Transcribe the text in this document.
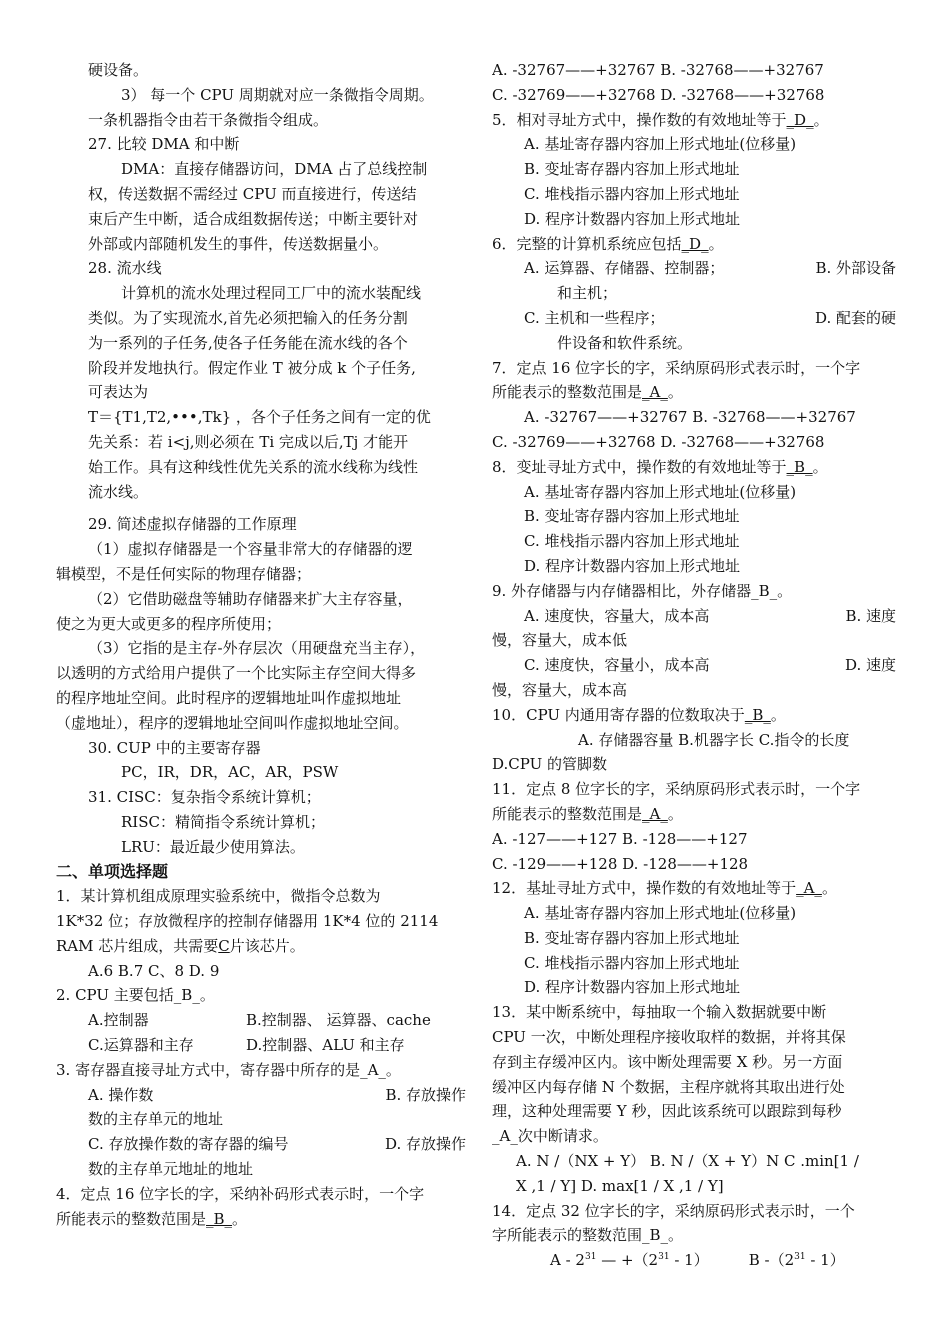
硬设备。
3） 每一个 CPU 周期就对应一条微指令周期。
一条机器指令由若干条微指令组成。
27. 比较 DMA 和中断
DMA：直接存储器访问，DMA 占了总线控制
权，传送数据不需经过 CPU 而直接进行，传送结
束后产生中断，适合成组数据传送；中断主要针对
外部或内部随机发生的事件，传送数据量小。
28. 流水线
计算机的流水处理过程同工厂中的流水装配线
类似。为了实现流水,首先必须把输入的任务分割
为一系列的子任务,使各子任务能在流水线的各个
阶段并发地执行。假定作业 T 被分成 k 个子任务,
可表达为
T＝{T1,T2,•••,Tk} ，各个子任务之间有一定的优
先关系：若 i<j,则必须在 Ti 完成以后,Tj 才能开
始工作。具有这种线性优先关系的流水线称为线性
流水线。
29. 简述虚拟存储器的工作原理
（1）虚拟存储器是一个容量非常大的存储器的逻
辑模型，不是任何实际的物理存储器；
（2）它借助磁盘等辅助存储器来扩大主存容量，
使之为更大或更多的程序所使用；
（3）它指的是主存-外存层次（用硬盘充当主存），
以透明的方式给用户提供了一个比实际主存空间大得多
的程序地址空间。此时程序的逻辑地址叫作虚拟地址
（虚地址），程序的逻辑地址空间叫作虚拟地址空间。
30. CUP 中的主要寄存器
PC，IR，DR，AC，AR，PSW
31. CISC：复杂指令系统计算机；
RISC：精简指令系统计算机；
LRU：最近最少使用算法。
二、单项选择题
1．某计算机组成原理实验系统中，微指令总数为
1K*32 位；存放微程序的控制存储器用 1K*4 位的 2114
RAM 芯片组成，共需要C片该芯片。
A.6 B.7 C、8 D. 9
2. CPU 主要包括_B_。
A.控制器	B.控制器、 运算器、cache
C.运算器和主存	D.控制器、ALU 和主存
3. 寄存器直接寻址方式中，寄存器中所存的是_A_。
A. 操作数	B. 存放操作
数的主存单元的地址
C. 存放操作数的寄存器的编号	D. 存放操作
数的主存单元地址的地址
4．定点 16 位字长的字，采纳补码形式表示时，一个字
所能表示的整数范围是_B_。
A. -32767——+32767 B. -32768——+32767
C. -32769——+32768 D. -32768——+32768
5．相对寻址方式中，操作数的有效地址等于_D_。
A. 基址寄存器内容加上形式地址(位移量)
B. 变址寄存器内容加上形式地址
C. 堆栈指示器内容加上形式地址
D. 程序计数器内容加上形式地址
6．完整的计算机系统应包括_D_。
A. 运算器、存储器、控制器；	B. 外部设备
和主机；
C. 主机和一些程序；	D. 配套的硬
件设备和软件系统。
7．定点 16 位字长的字，采纳原码形式表示时，一个字
所能表示的整数范围是_A_。
A. -32767——+32767 B. -32768——+32767
C. -32769——+32768 D. -32768——+32768
8．变址寻址方式中，操作数的有效地址等于_B_。
A. 基址寄存器内容加上形式地址(位移量)
B. 变址寄存器内容加上形式地址
C. 堆栈指示器内容加上形式地址
D. 程序计数器内容加上形式地址
9. 外存储器与内存储器相比，外存储器_B_。
A. 速度快，容量大，成本高	B. 速度
慢，容量大，成本低
C. 速度快，容量小，成本高	D. 速度
慢，容量大，成本高
10．CPU 内通用寄存器的位数取决于_B_。
A. 存储器容量 B.机器字长 C.指令的长度
D.CPU 的管脚数
11．定点 8 位字长的字，采纳原码形式表示时，一个字
所能表示的整数范围是_A_。
A. -127——+127 B. -128——+127
C. -129——+128 D. -128——+128
12．基址寻址方式中，操作数的有效地址等于_A_。
A. 基址寄存器内容加上形式地址(位移量)
B. 变址寄存器内容加上形式地址
C. 堆栈指示器内容加上形式地址
D. 程序计数器内容加上形式地址
13．某中断系统中，每抽取一个输入数据就要中断
CPU 一次，中断处理程序接收取样的数据，并将其保
存到主存缓冲区内。该中断处理需要 X 秒。另一方面
缓冲区内每存储 N 个数据，主程序就将其取出进行处
理，这种处理需要 Y 秒，因此该系统可以跟踪到每秒
_A_次中断请求。
A. N /（NX + Y） B. N /（X + Y）N C .min[1 /
X ,1 / Y] D. max[1 / X ,1 / Y]
14．定点 32 位字长的字，采纳原码形式表示时，一个
字所能表示的整数范围_B_。
A - $2^{31}$ — $+(2^{31} - 1)$	B $-(2^{31} - 1)$
